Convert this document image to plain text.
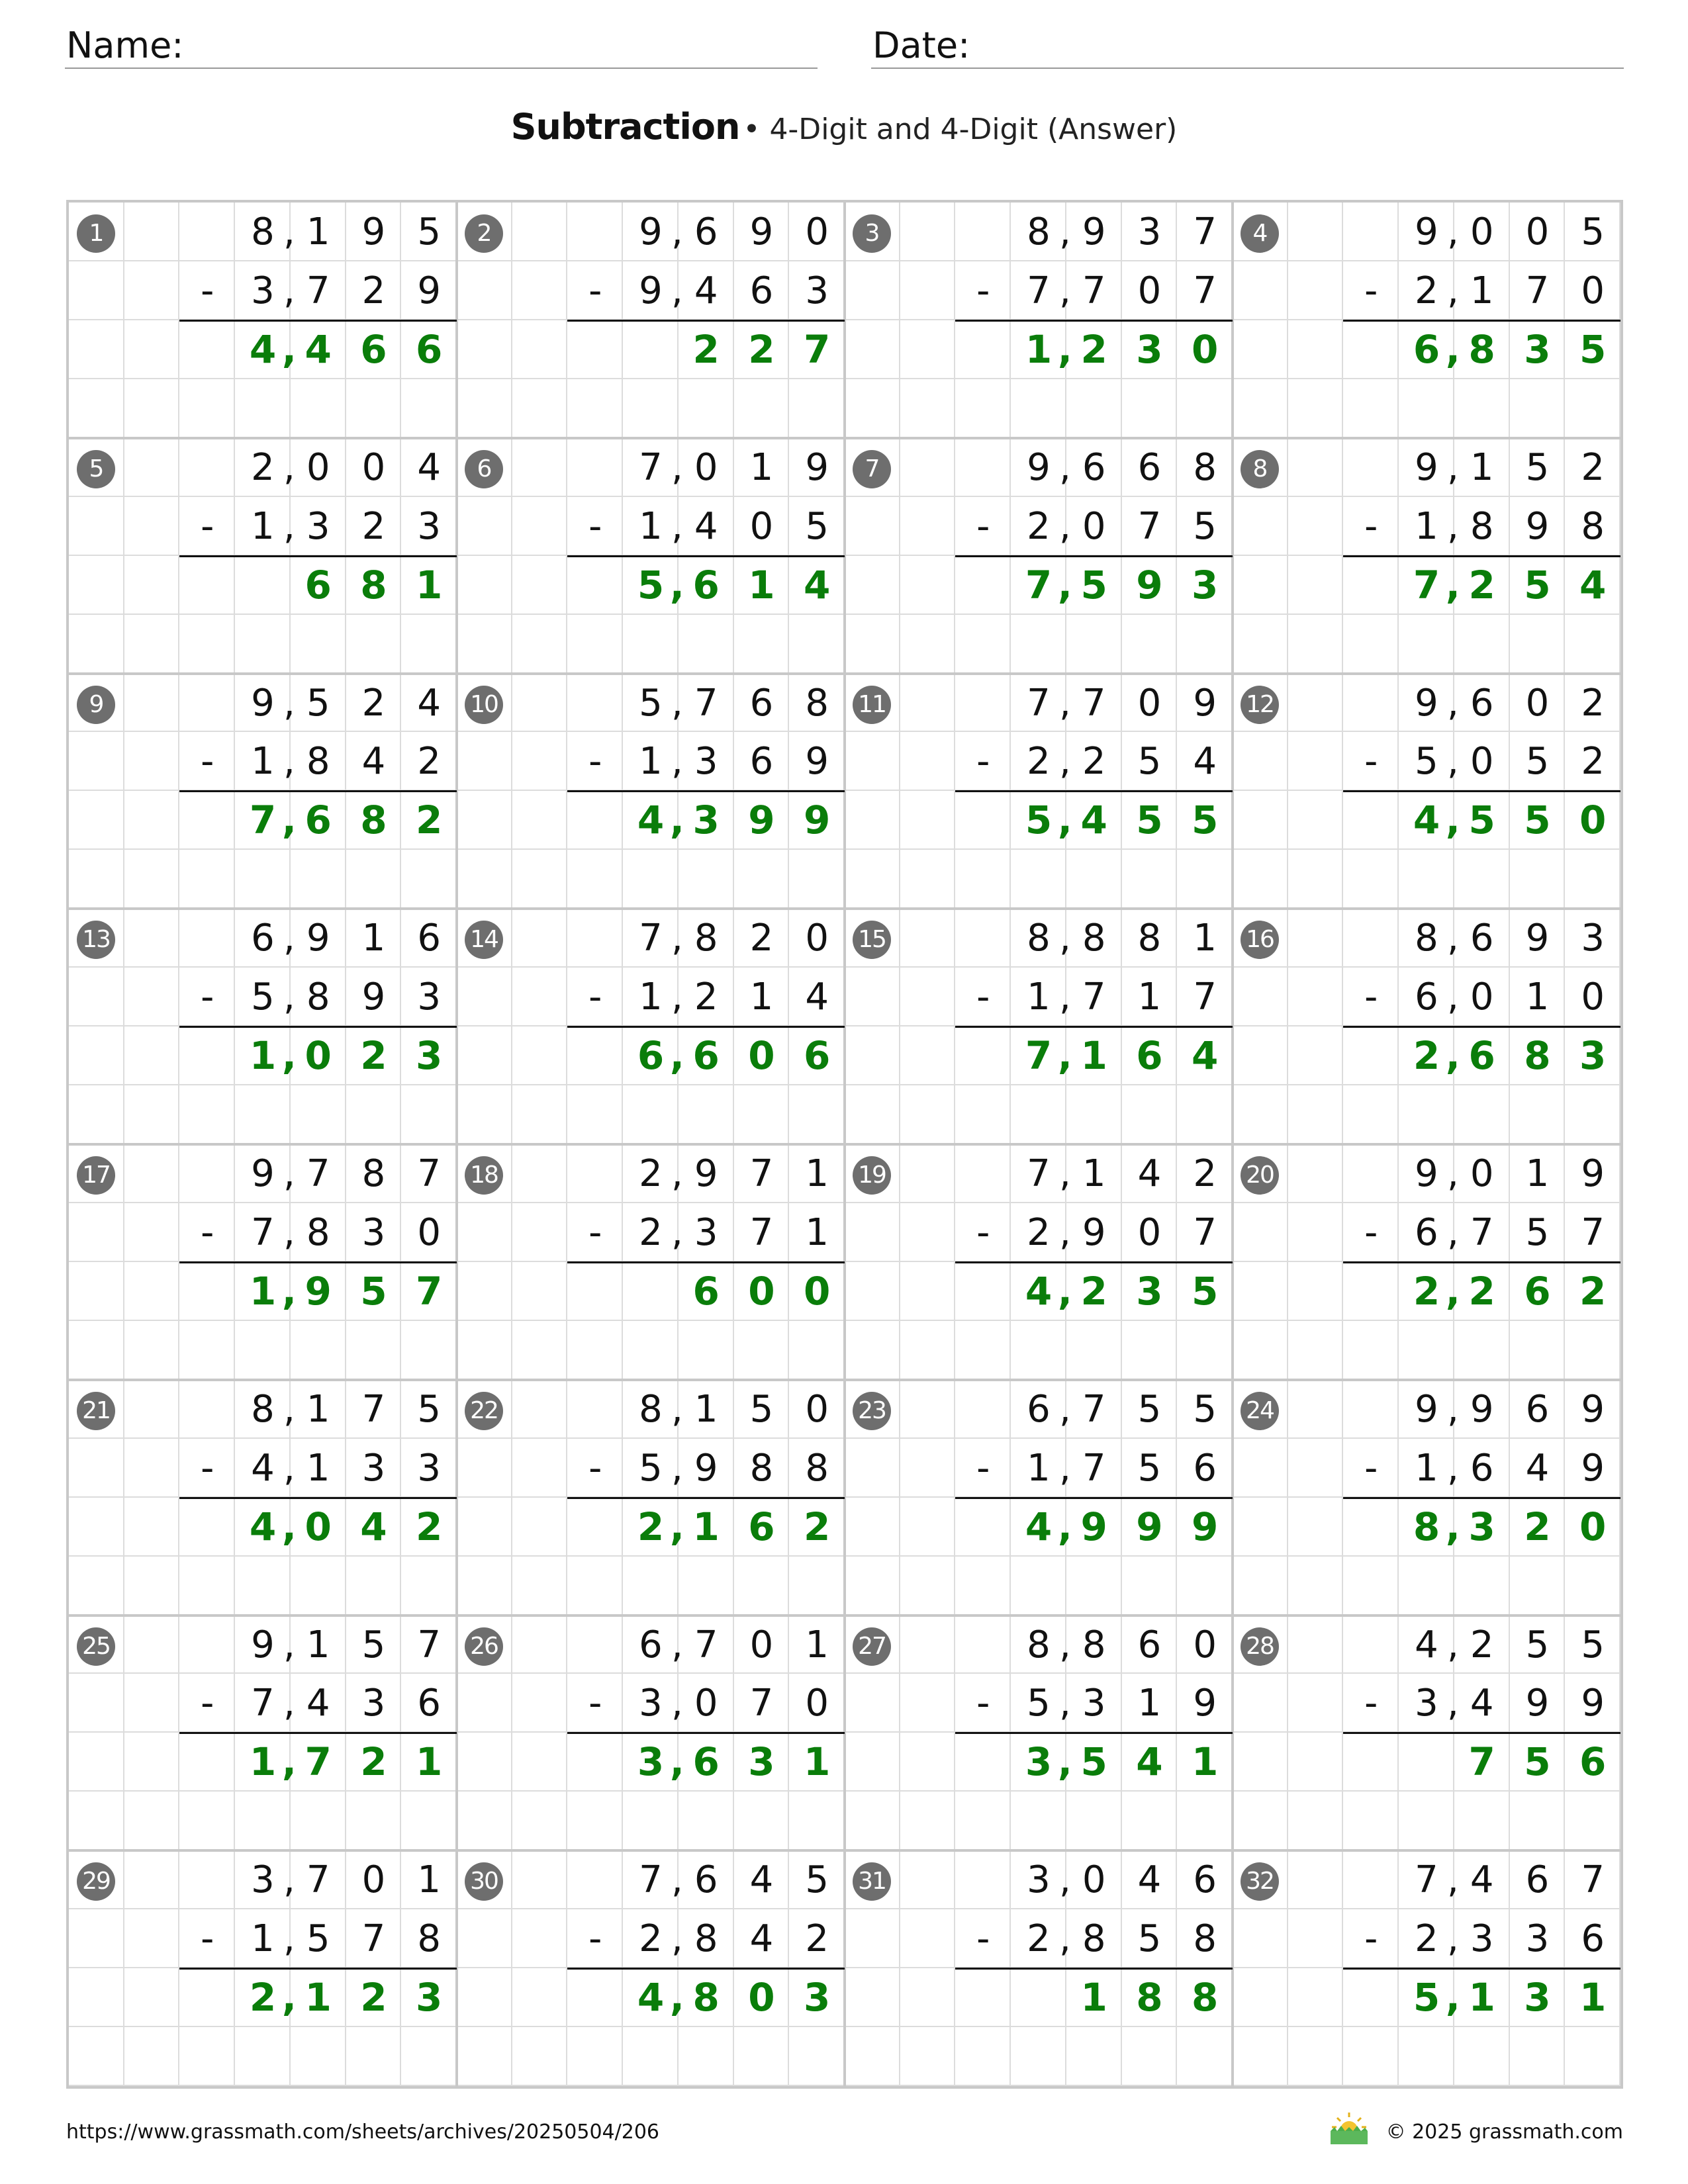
Name:	Date:
Subtraction • 4-Digit and 4-Digit (Answer)
1	8 1 9 5
,
- 3 7 2 9
,
4 4 6 6
,
2	9 6 9 0
,
- 9 4 6 3
,
2 2 7
3	8 9 3 7
,
- 7 7 0 7
,
1 2 3 0
,
4	9 0 0 5
,
- 2 1 7 0
,
6 8 3 5
,
5	2 0 0 4
,
- 1 3 2 3
,
6 8 1
6	7 0 1 9
,
- 1 4 0 5
,
5 6 1 4
,
7	9 6 6 8
,
- 2 0 7 5
,
7 5 9 3
,
8	9 1 5 2
,
- 1 8 9 8
,
7 2 5 4
,
9	9 5 2 4
,
- 1 8 4 2
,
7 6 8 2
,
10	5 7 6 8
,
- 1 3 6 9
,
4 3 9 9
,
11	7 7 0 9
,
- 2 2 5 4
,
5 4 5 5
,
12	9 6 0 2
,
- 5 0 5 2
,
4 5 5 0
,
13	6 9 1 6
,
- 5 8 9 3
,
1 0 2 3
,
14	7 8 2 0
,
- 1 2 1 4
,
6 6 0 6
,
15	8 8 8 1
,
- 1 7 1 7
,
7 1 6 4
,
16	8 6 9 3
,
- 6 0 1 0
,
2 6 8 3
,
17	9 7 8 7
,
- 7 8 3 0
,
1 9 5 7
,
18	2 9 7 1
,
- 2 3 7 1
,
6 0 0
19	7 1 4 2
,
- 2 9 0 7
,
4 2 3 5
,
20	9 0 1 9
,
- 6 7 5 7
,
2 2 6 2
,
21	8 1 7 5
,
- 4 1 3 3
,
4 0 4 2
,
22	8 1 5 0
,
- 5 9 8 8
,
2 1 6 2
,
23	6 7 5 5
,
- 1 7 5 6
,
4 9 9 9
,
24	9 9 6 9
,
- 1 6 4 9
,
8 3 2 0
,
25	9 1 5 7
,
- 7 4 3 6
,
1 7 2 1
,
26	6 7 0 1
,
- 3 0 7 0
,
3 6 3 1
,
27	8 8 6 0
,
- 5 3 1 9
,
3 5 4 1
,
28	4 2 5 5
,
- 3 4 9 9
,
7 5 6
29	3 7 0 1
,
- 1 5 7 8
,
2 1 2 3
,
30	7 6 4 5
,
- 2 8 4 2
,
4 8 0 3
,
31	3 0 4 6
,
- 2 8 5 8
,
1 8 8
32	7 4 6 7
,
- 2 3 3 6
,
5 1 3 1
,
https://www.grassmath.com/sheets/archives/20250504/206	© 2025 grassmath.com
